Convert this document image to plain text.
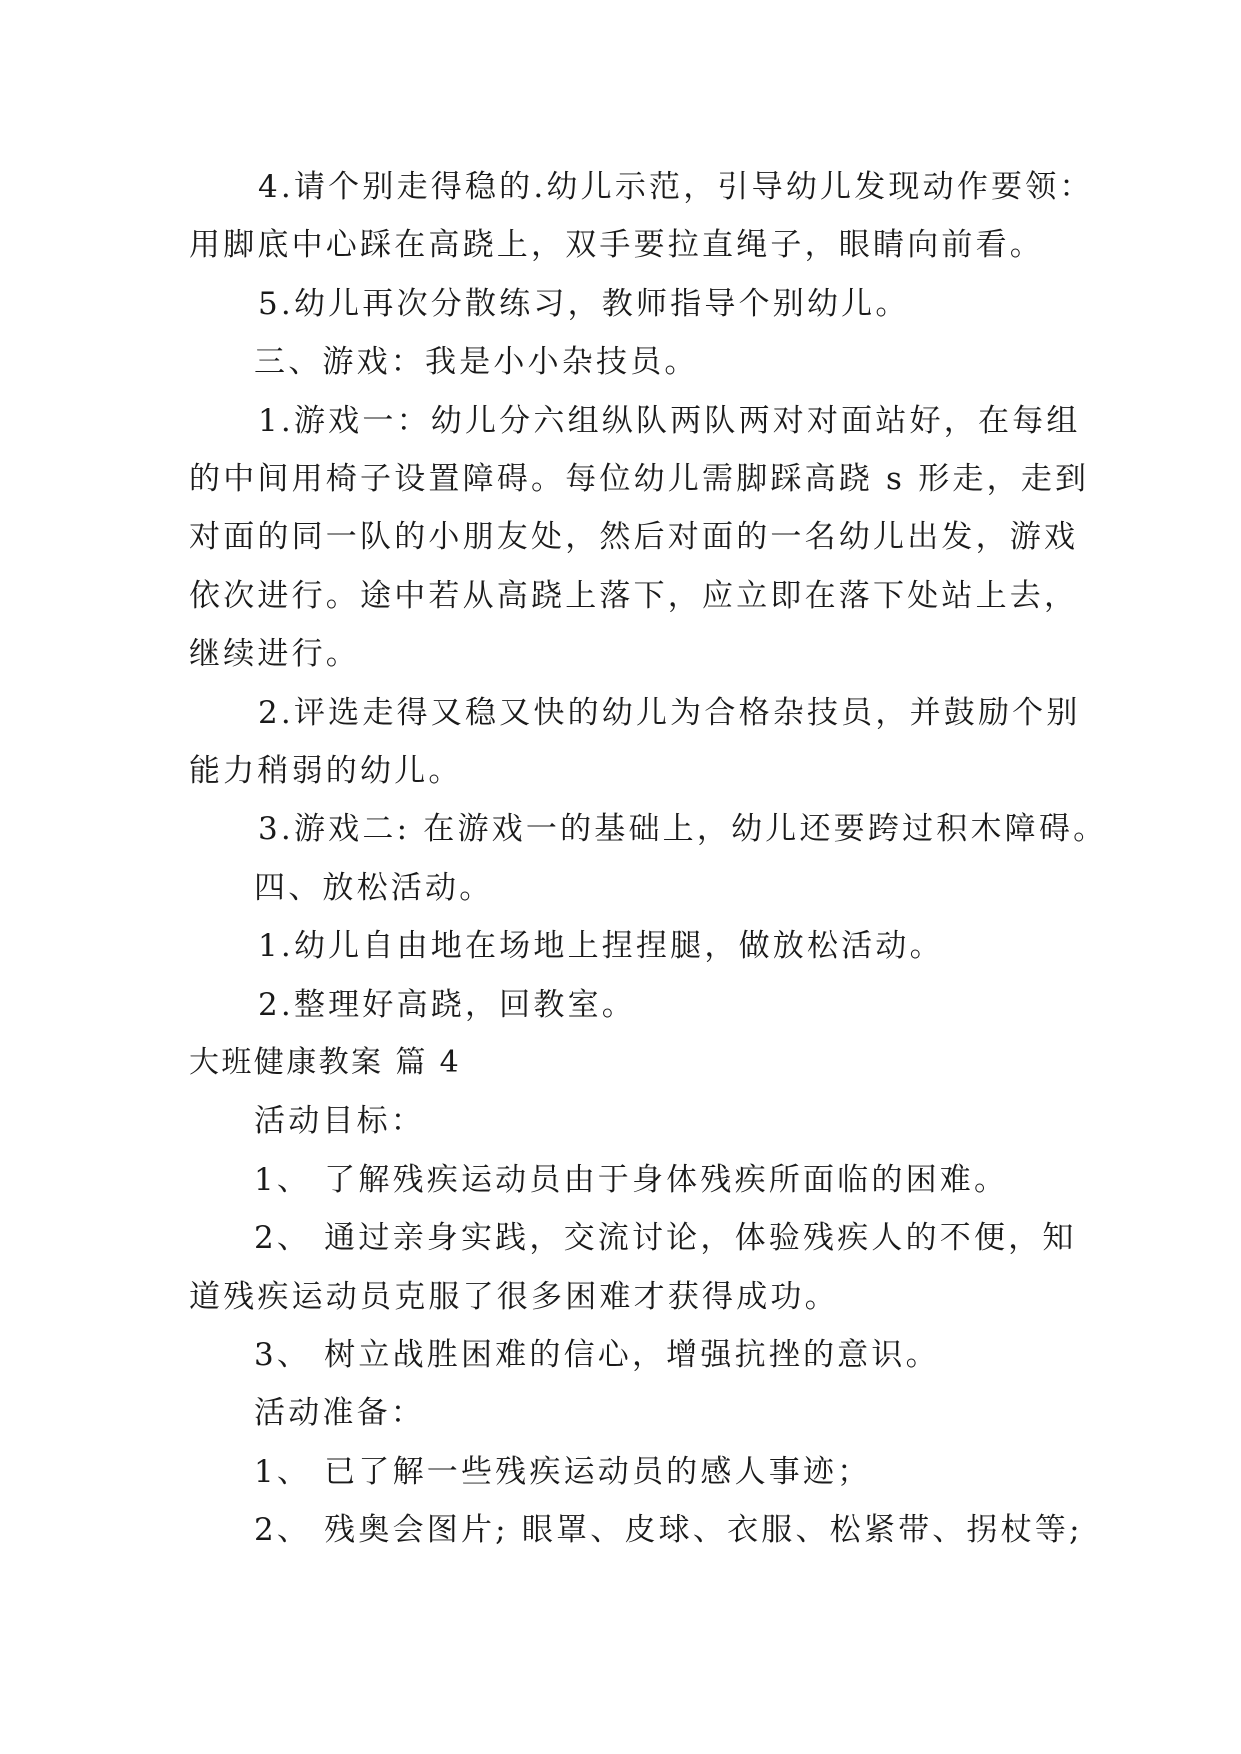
4.请个别走得稳的.幼儿示范，引导幼儿发现动作要领：
用脚底中心踩在高跷上，双手要拉直绳子，眼睛向前看。
5.幼儿再次分散练习，教师指导个别幼儿。
三、游戏：我是小小杂技员。
1.游戏一：幼儿分六组纵队两队两对对面站好，在每组
的中间用椅子设置障碍。每位幼儿需脚踩高跷 s 形走，走到
对面的同一队的小朋友处，然后对面的一名幼儿出发，游戏
依次进行。途中若从高跷上落下，应立即在落下处站上去，
继续进行。
2.评选走得又稳又快的幼儿为合格杂技员，并鼓励个别
能力稍弱的幼儿。
3.游戏二: 在游戏一的基础上，幼儿还要跨过积木障碍。
四、放松活动。
1.幼儿自由地在场地上捏捏腿，做放松活动。
2.整理好高跷，回教室。
大班健康教案 篇 4
活动目标：
1、 了解残疾运动员由于身体残疾所面临的困难。
2、 通过亲身实践，交流讨论，体验残疾人的不便，知
道残疾运动员克服了很多困难才获得成功。
3、 树立战胜困难的信心，增强抗挫的意识。
活动准备：
1、 已了解一些残疾运动员的感人事迹；
2、 残奥会图片; 眼罩、皮球、衣服、松紧带、拐杖等;
